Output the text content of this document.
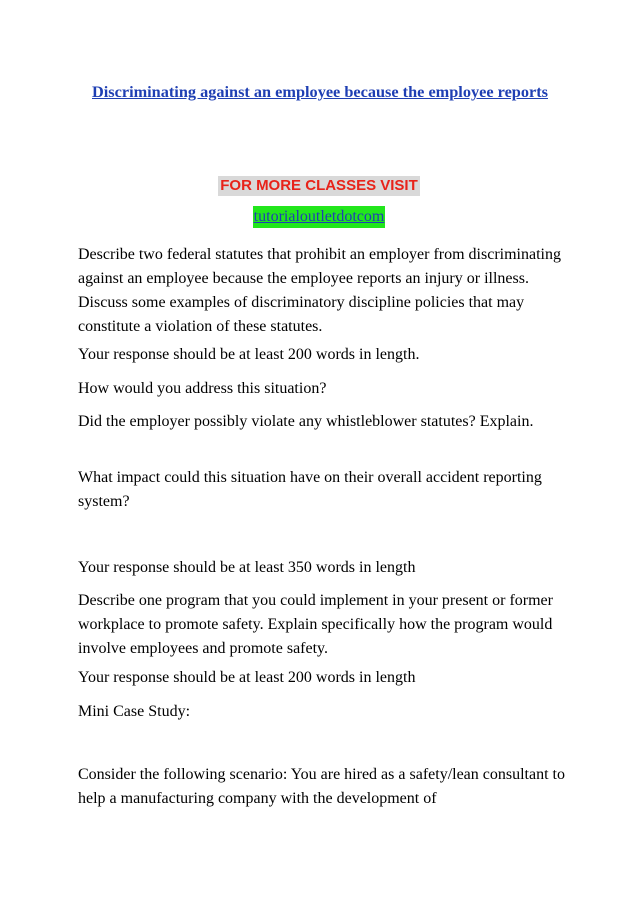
Discriminating against an employee because the employee reports
FOR MORE CLASSES VISIT
tutorialoutletdotcom

Describe two federal statutes that prohibit an employer from discriminating against an employee because the employee reports an injury or illness. Discuss some examples of discriminatory discipline policies that may constitute a violation of these statutes.

Your response should be at least 200 words in length.

How would you address this situation?

Did the employer possibly violate any whistleblower statutes? Explain.

What impact could this situation have on their overall accident reporting system?

Your response should be at least 350 words in length

Describe one program that you could implement in your present or former workplace to promote safety. Explain specifically how the program would involve employees and promote safety.

Your response should be at least 200 words in length

Mini Case Study:

Consider the following scenario: You are hired as a safety/lean consultant to help a manufacturing company with the development of
